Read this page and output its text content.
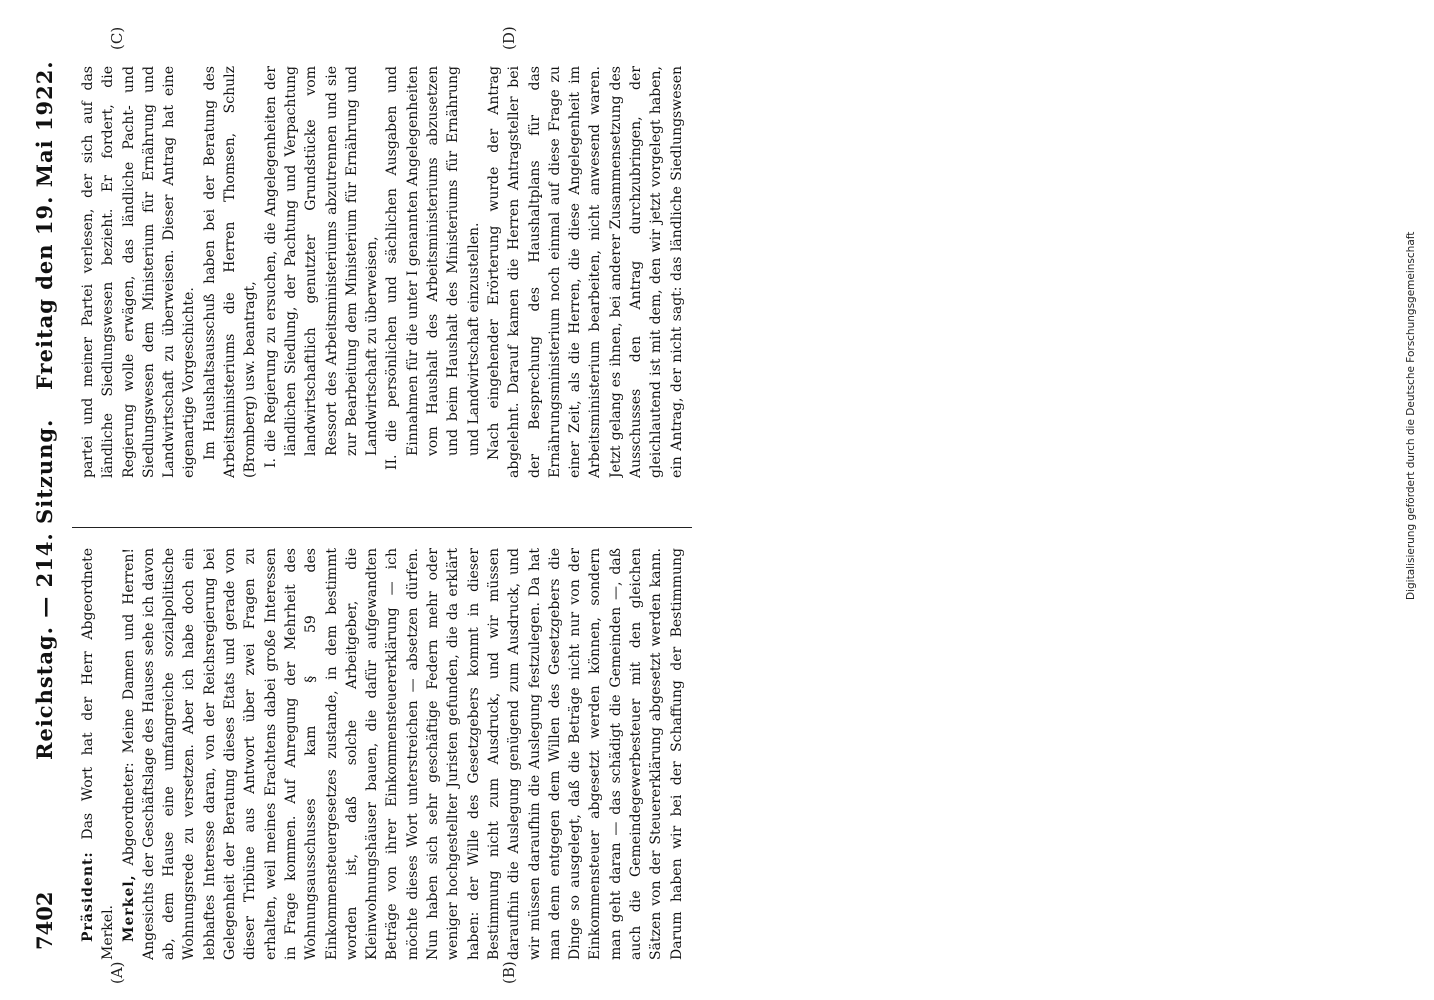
7402
Reichstag. — 214. Sitzung.
Freitag den 19. Mai 1922.
(A)	(B)
(C)	(D)

Präsident: Das Wort hat der Herr Abgeordnete Merkel. Merkel, Abgeordneter: Meine Damen und Herren! Angesichts der Geschäftslage des Hauses sehe ich davon ab, dem Hause eine umfangreiche sozialpolitische Wohnungsrede zu versetzen. Aber ich habe doch ein lebhaftes Interesse daran, von der Reichsregierung bei Gelegenheit der Beratung dieses Etats und gerade von dieser Tribüne aus Antwort über zwei Fragen zu erhalten, weil meines Erachtens dabei große Interessen in Frage kommen. Auf Anregung der Mehrheit des Wohnungsausschusses kam § 59 des Einkommensteuergesetzes zustande, in dem bestimmt worden ist, daß solche Arbeitgeber, die Kleinwohnungshäuser bauen, die dafür aufgewandten Beträge von ihrer Einkommensteuererklärung — ich möchte dieses Wort unterstreichen — absetzen dürfen. Nun haben sich sehr geschäftige Federn mehr oder weniger hochgestellter Juristen gefunden, die da erklärt haben: der Wille des Gesetzgebers kommt in dieser Bestimmung nicht zum Ausdruck, und wir müssen daraufhin die Auslegung genügend zum Ausdruck, und wir müssen daraufhin die Auslegung festzulegen. Da hat man denn entgegen dem Willen des Gesetzgebers die Dinge so ausgelegt, daß die Beträge nicht nur von der Einkommensteuer abgesetzt werden können, sondern man geht daran — das schädigt die Gemeinden —, daß auch die Gemeindegewerbesteuer mit den gleichen Sätzen von der Steuererklärung abgesetzt werden kann. Darum haben wir bei der Schaffung der Bestimmung

partei und meiner Partei verlesen, der sich auf das ländliche Siedlungswesen bezieht. Er fordert, die Regierung wolle erwägen, das ländliche Pacht- und Siedlungswesen dem Ministerium für Ernährung und Landwirtschaft zu überweisen. Dieser Antrag hat eine eigenartige Vorgeschichte. Im Haushaltsausschuß haben bei der Beratung des Arbeitsministeriums die Herren Thomsen, Schulz (Bromberg) usw. beantragt, I. die Regierung zu ersuchen, die Angelegenheiten der ländlichen Siedlung, der Pachtung und Verpachtung landwirtschaftlich genutzter Grundstücke vom Ressort des Arbeitsministeriums abzutrennen und sie zur Bearbeitung dem Ministerium für Ernährung und Landwirtschaft zu überweisen, II. die persönlichen und sächlichen Ausgaben und Einnahmen für die unter I genannten Angelegenheiten vom Haushalt des Arbeitsministeriums abzusetzen und beim Haushalt des Ministeriums für Ernährung und Landwirtschaft einzustellen. Nach eingehender Erörterung wurde der Antrag abgelehnt. Darauf kamen die Herren Antragsteller bei der Besprechung des Haushaltplans für das Ernährungsministerium noch einmal auf diese Frage zu einer Zeit, als die Herren, die diese Angelegenheit im Arbeitsministerium bearbeiten, nicht anwesend waren. Jetzt gelang es ihnen, bei anderer Zusammensetzung des Ausschusses den Antrag durchzubringen, der gleichlautend ist mit dem, den wir jetzt vorgelegt haben, ein Antrag, der nicht sagt: das ländliche Siedlungswesen

Digitalisierung gefördert durch die Deutsche Forschungsgemeinschaft
